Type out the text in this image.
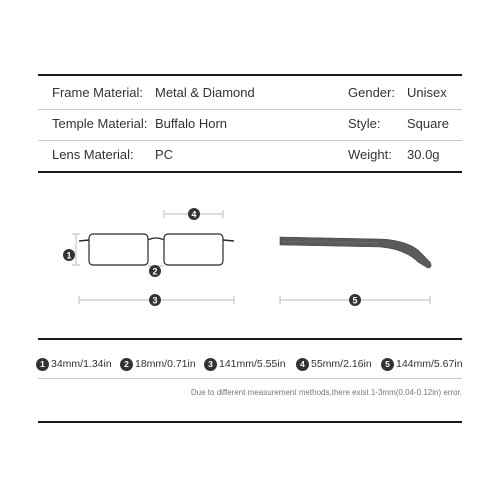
Frame Material: Metal & Diamond	Gender: Unisex
Temple Material: Buffalo Horn	Style: Square
Lens Material: PC	Weight: 30.0g
1
4
2
3	5
1 34mm/1.34in	2 18mm/0.71in	3 141mm/5.55in	4 55mm/2.16in	5 144mm/5.67in
Due to different measurement methods,there exist 1-3mm(0.04-0.12in) error.
